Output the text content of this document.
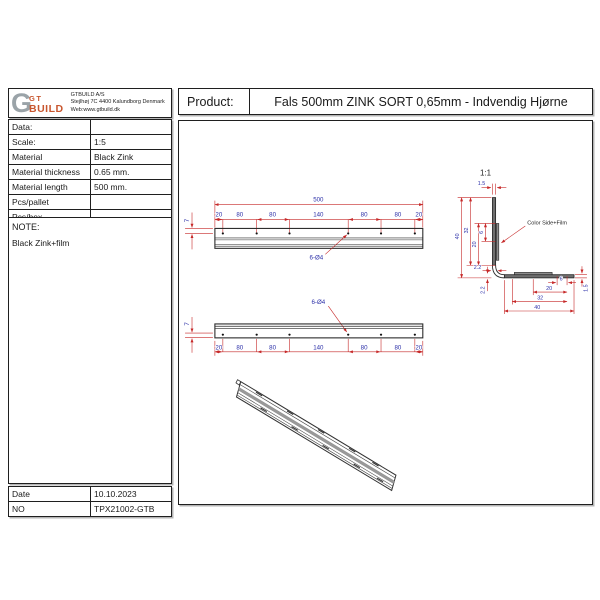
G
GT
BUILD
GTBUILD A/S
Stejlhøj 7C 4400 Kalundborg Denmark
Web:www.gtbuild.dk
Data:
Scale:	1:5
Material	Black Zink
Material thickness	0.65 mm.
Material length	500 mm.
Pcs/pallet
NOTE:
Black Zink+film
Date	10.10.2023
NO	TPX21002-GTB
Product:	Fals 500mm ZINK SORT 0,65mm - Indvendig Hjørne
500
20 80	80	140	80	80 20
7
6-Ø4
6-Ø4
7
20 80	80	140	80	80 20
1:1
Color Side+Film
1.5
40
32
20
6
2.2
2.2
6
20
32
40
1.5
